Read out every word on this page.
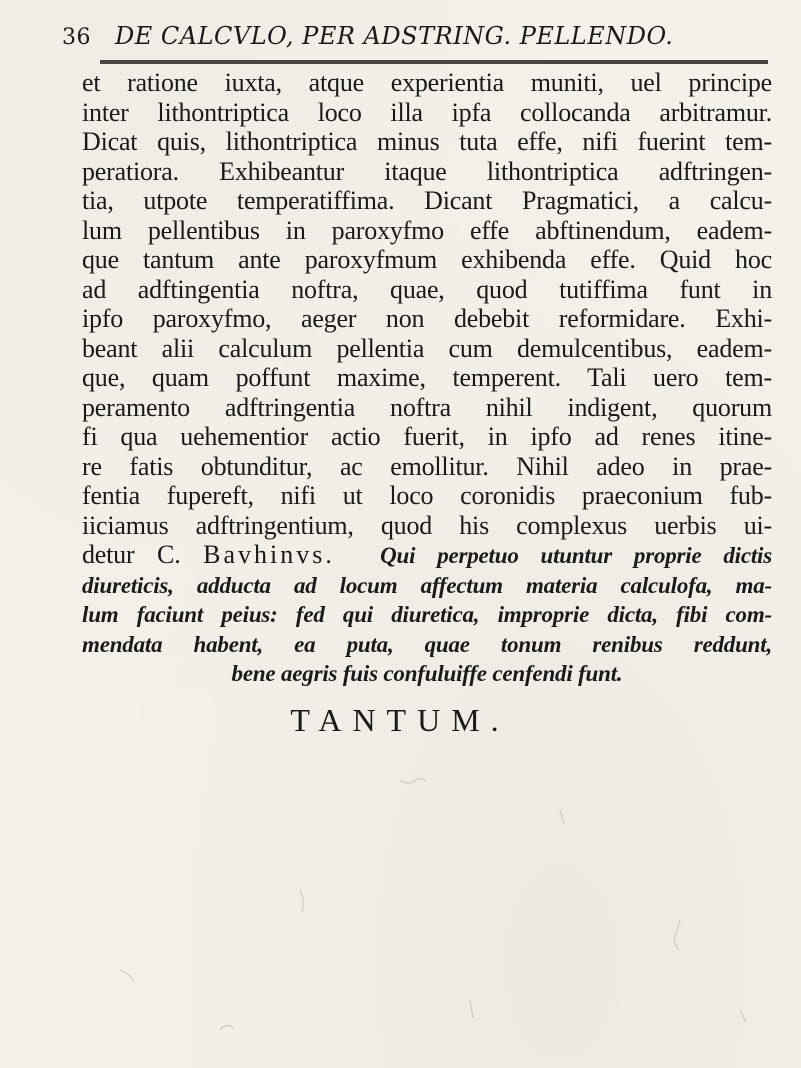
36 DE CALCVLO, PER ADSTRING. PELLENDO.
et ratione iuxta, atque experientia muniti, uel principe
inter lithontriptica loco illa ipfa collocanda arbitramur.
Dicat quis, lithontriptica minus tuta effe, nifi fuerint tem-
peratiora. Exhibeantur itaque lithontriptica adftringen-
tia, utpote temperatiffima. Dicant Pragmatici, a calcu-
lum pellentibus in paroxyfmo effe abftinendum, eadem-
que tantum ante paroxyfmum exhibenda effe. Quid hoc
ad adftingentia noftra, quae, quod tutiffima funt in
ipfo paroxyfmo, aeger non debebit reformidare. Exhi-
beant alii calculum pellentia cum demulcentibus, eadem-
que, quam poffunt maxime, temperent. Tali uero tem-
peramento adftringentia noftra nihil indigent, quorum
fi qua uehementior actio fuerit, in ipfo ad renes itine-
re fatis obtunditur, ac emollitur. Nihil adeo in prae-
fentia fupereft, nifi ut loco coronidis praeconium fub-
iiciamus adftringentium, quod his complexus uerbis ui-
detur C. Bavhinvs. Qui perpetuo utuntur proprie dictis
diureticis, adducta ad locum affectum materia calculofa, ma-
lum faciunt peius: fed qui diuretica, improprie dicta, fibi com-
mendata habent, ea puta, quae tonum renibus reddunt,
bene aegris fuis confuluiffe cenfendi funt.
TANTUM.
